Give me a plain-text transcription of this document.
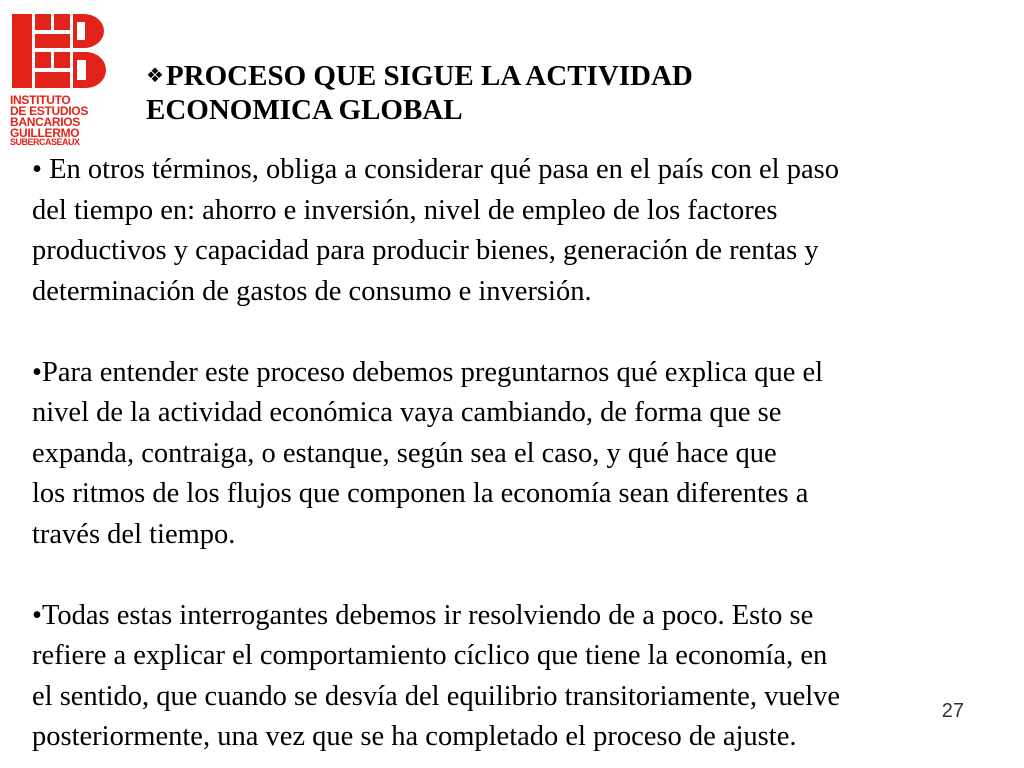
INSTITUTO
DE ESTUDIOS
BANCARIOS
GUILLERMO
SUBERCASEAUX
❖PROCESO QUE SIGUE LA ACTIVIDAD
ECONOMICA GLOBAL

• En otros términos, obliga a considerar qué pasa en el país con el paso
del tiempo en: ahorro e inversión, nivel de empleo de los factores
productivos y capacidad para producir bienes, generación de rentas y
determinación de gastos de consumo e inversión.

•Para entender este proceso debemos preguntarnos qué explica que el
nivel de la actividad económica vaya cambiando, de forma que se
expanda, contraiga, o estanque, según sea el caso, y qué hace que
los ritmos de los flujos que componen la economía sean diferentes a
través del tiempo.

•Todas estas interrogantes debemos ir resolviendo de a poco. Esto se
refiere a explicar el comportamiento cíclico que tiene la economía, en
el sentido, que cuando se desvía del equilibrio transitoriamente, vuelve
posteriormente, una vez que se ha completado el proceso de ajuste.

27
